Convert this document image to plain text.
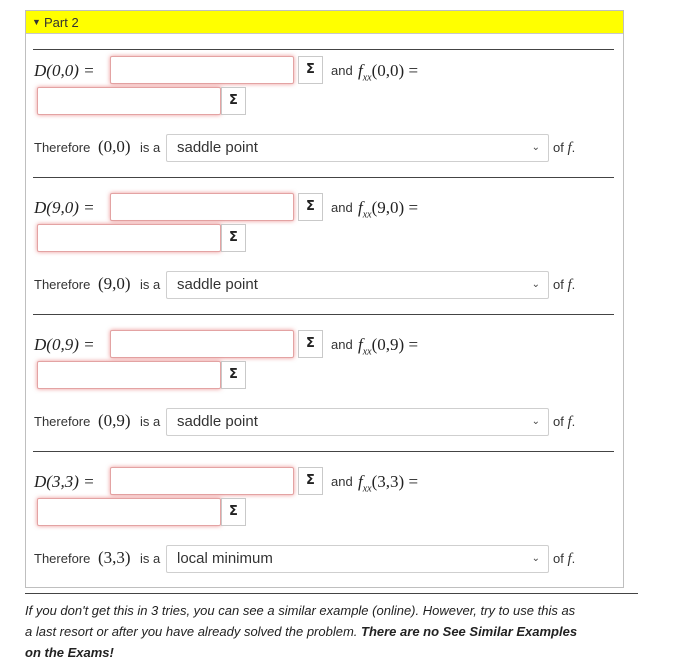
▼ Part 2
D(0,0) =	Σ	and $f_{xx}(0,0)$ =
Σ
Therefore (0,0) is a saddle point	⌄ of f.
D(9,0) =	Σ	and $f_{xx}(9,0)$ =
Σ
Therefore (9,0) is a saddle point	⌄ of f.
D(0,9) =	Σ	and $f_{xx}(0,9)$ =
Σ
Therefore (0,9) is a saddle point	⌄ of f.
D(3,3) =	Σ	and $f_{xx}(3,3)$ =
Σ
Therefore (3,3) is a local minimum	⌄ of f.
If you don't get this in 3 tries, you can see a similar example (online). However, try to use this as
a last resort or after you have already solved the problem. There are no See Similar Examples
on the Exams!
